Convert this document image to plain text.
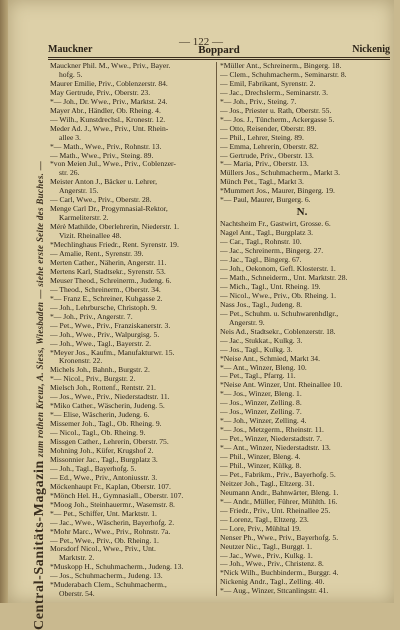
Central-Sanitäts-Magazin zum rothen Kreuz, A. Siess, Wiesbaden — siehe erste Seite des Buches. —
— 122 —
Boppard
Mauckner	Nickenig
Mauckner Phil. M., Wwe., Priv., Bayer.
hofg. 5.
Maurer Emilie, Priv., Coblenzerstr. 84.
May Gertrude, Priv., Oberstr. 23.
*— Joh., Dr. Wwe., Priv., Marktst. 24.
Mayer Abr., Händler, Ob. Rheing. 4.
— Wilh., Kunstdrechsl., Kronestr. 12.
Meder Ad. J., Wwe., Priv., Unt. Rhein-
allee 3.
*— Math., Wwe., Priv., Rohnstr. 13.
— Math., Wwe., Priv., Steing. 89.
*von Meien Jul., Wwe., Priv., Coblenzer-
str. 26.
Meister Anton J., Bäcker u. Lehrer,
Angerstr. 15.
— Carl, Wwe., Priv., Oberstr. 28.
Menge Carl Dr., Progymnasial-Rektor,
Karmeliterstr. 2.
Mérè Mathilde, Oberlehrerin, Niederstr. 1.
Vizit. Rheinallee 48.
*Mechlinghaus Friedr., Rent. Syrenstr. 19.
— Amalie, Rent., Syrenstr. 39.
Merten Cather., Näherin, Angerstr. 11.
Mertens Karl, Stadtsekr., Syrenstr. 53.
Meuser Theod., Schreinerm., Judeng. 6.
— Theod., Schreinerm., Oberstr. 34.
*— Franz E., Schreiner, Kuhgasse 2.
— Joh., Lehrbursche, Christoph. 9.
*— Joh., Priv., Angerstr. 7.
— Pet., Wwe., Priv., Franziskanerstr. 3.
— Joh., Wwe., Priv., Walpurgisg. 5.
— Joh., Wwe., Tagl., Bayerstr. 2.
*Meyer Jos., Kaufm., Manufakturwr. 15.
Kronenstr. 22.
Michels Joh., Bahnh., Burgstr. 2.
*— Nicol., Priv., Burgstr. 2.
Mielsch Joh., Rottenf., Rentstr. 21.
— Jos., Wwe., Priv., Niederstadtstr. 11.
*Miko Cather., Wäscherin, Judeng. 5.
*— Elise, Wäscherin, Judeng. 6.
Missemer Joh., Tagl., Ob. Rheing. 9.
— Nicol., Tagl., Ob. Rheing. 9.
Missgen Cather., Lehrerin, Oberstr. 75.
Mohning Joh., Küfer, Krugshof 2.
Missonnier Jac., Tagl., Burgplatz 3.
— Joh., Tagl., Bayerhofg. 5.
— Ed., Wwe., Priv., Antoniusstr. 3.
Möckenhaupt Fr., Kaplan, Oberstr. 107.
*Mönch Hel. H., Gymnasiall., Oberstr. 107.
*Moog Joh., Steinhauermr., Wasemstr. 8.
*— Pet., Schiffer, Unt. Marktstr. 1.
— Jac., Wwe., Wäscherin, Bayerhofg. 2.
*Mohr Marc., Wwe., Priv., Rohnstr. 7a.
— Pet., Wwe., Priv., Ob. Rheing. 1.
Morsdorf Nicol., Wwe., Priv., Unt.
Marktstr. 2.
*Muskopp H., Schuhmacherm., Judeng. 13.
— Jos., Schuhmacherm., Judeng. 13.
*Muderabach Clem., Schuhmacherm.,
Oberstr. 54.
*Müller Ant., Schreinerm., Bingerg. 18.
— Clem., Schuhmacherm., Seminarstr. 8.
— Emil, Fabrikant, Syrenstr. 2.
— Jac., Drechslerm., Seminarstr. 3.
*— Joh., Priv., Steing. 7.
— Jos., Priester u. Rath, Oberstr. 55.
*— Jos. J., Tüncherm., Ackergasse 5.
— Otto, Reisender, Oberstr. 89.
— Phil., Lehrer, Steing. 89.
— Emma, Lehrerin, Oberstr. 82.
— Gertrude, Priv., Oberstr. 13.
*— Maria, Priv., Oberstr. 13.
Müllers Jos., Schuhmacherm., Markt 3.
Münch Pet., Tagl., Markt 3.
*Mummert Jos., Maurer, Bingerg. 19.
*— Paul, Maurer, Burgerg. 6.
N.
Nachtsheim Fr., Gastwirt, Grosse. 6.
Nagel Ant., Tagl., Burgplatz 3.
— Car., Tagl., Rohnstr. 10.
— Jac., Schreinerm., Bingerg. 27.
— Jac., Tagl., Bingerg. 67.
— Joh., Oekonom, Gefl. Klosterstr. 1.
— Math., Schneiderm., Unt. Marktstr. 28.
— Mich., Tagl., Unt. Rheing. 19.
— Nicol., Wwe., Priv., Ob. Rheing. 1.
Nass Jos., Tagl., Judeng. 8.
— Pet., Schuhm. u. Schuhwarenhdlgr.,
Angerstr. 9.
Neis Ad., Stadtsekr., Coblenzerstr. 18.
— Jac., Stukkat., Kulkg. 3.
— Jos., Tagl., Kulkg. 3.
*Neise Ant., Schmied, Markt 34.
*— Ant., Winzer, Bleng. 10.
— Pet., Tagl., Pfarrg. 11.
*Neise Ant. Winzer, Unt. Rheinallee 10.
*— Jos., Winzer, Bleng. 1.
— Jos., Winzer, Zelling. 8.
— Jos., Winzer, Zelling. 7.
*— Joh., Winzer, Zelling. 4.
*— Jos., Metzgerm., Rheinstr. 11.
— Pet., Winzer, Niederstadtstr. 7.
*— Ant., Winzer, Niederstadtstr. 13.
— Phil., Winzer, Bleng. 4.
— Phil., Winzer, Külkg. 8.
— Pet., Fabrikm., Priv., Bayerhofg. 5.
Neitzer Joh., Tagl., Eltzerg. 31.
Neumann Andr., Bahnwärter, Bleng. 1.
*— Andr., Müller, Führer, Mühlth. 16.
— Friedr., Priv., Unt. Rheinallee 25.
— Lorenz, Tagl., Eltzerg. 23.
— Lore, Priv., Mühltal 19.
Nenser Ph., Wwe., Priv., Bayerhofg. 5.
Neutzer Nic., Tagl., Burggt. 1.
— Jac., Wwe., Priv., Kulkg. 1.
— Joh., Wwe., Priv., Christenz. 8.
*Nick Wilh., Buchbinderm., Burggr. 4.
Nickenig Andr., Tagl., Zelling. 40.
*— Aug., Winzer, Sttcanlingstr. 41.
